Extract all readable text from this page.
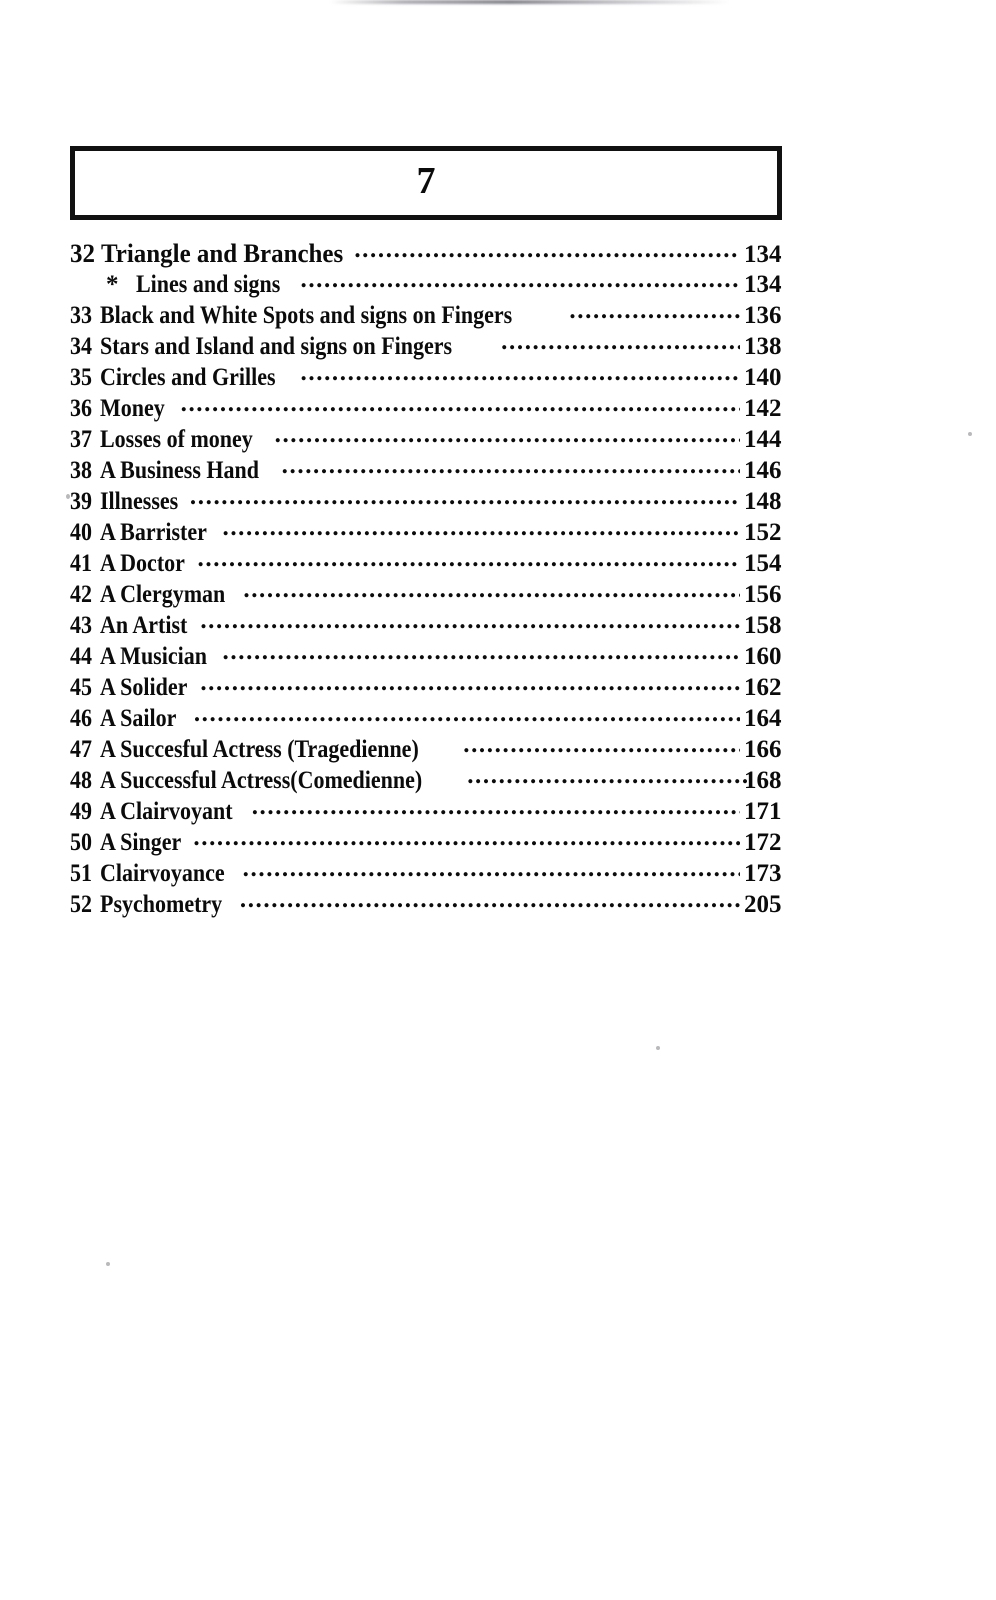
7
32 Triangle and Branches .....	134
* Lines and signs .....	134
33 Black and White Spots and signs on Fingers .....	136
34 Stars and Island and signs on Fingers .....	138
35 Circles and Grilles .....	140
36 Money .....	142
37 Losses of money .....	144
38 A Business Hand .....	146
39 Illnesses .....	148
40 A Barrister .....	152
41 A Doctor .....	154
42 A Clergyman .....	156
43 An Artist .....	158
44 A Musician .....	160
45 A Solider .....	162
46 A Sailor .....	164
47 A Succesful Actress (Tragedienne) .....	166
48 A Successful Actress(Comedienne) .....	168
49 A Clairvoyant .....	171
50 A Singer .....	172
51 Clairvoyance .....	173
52 Psychometry .....	205
